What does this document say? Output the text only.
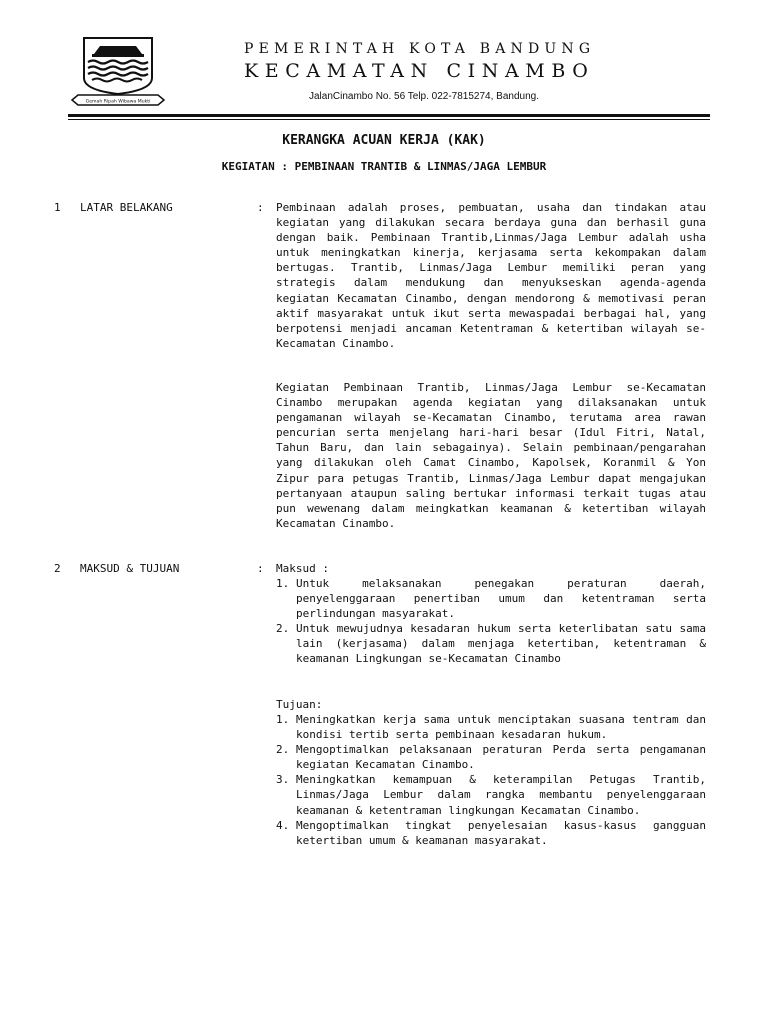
Gemah Ripah Wibawa Mukti
PEMERINTAH KOTA BANDUNG
KECAMATAN CINAMBO
JalanCinambo No. 56 Telp. 022-7815274, Bandung.
KERANGKA ACUAN KERJA (KAK)
KEGIATAN : PEMBINAAN TRANTIB & LINMAS/JAGA LEMBUR
1 LATAR BELAKANG	: Pembinaan adalah proses, pembuatan, usaha dan tindakan atau kegiatan yang dilakukan secara berdaya guna dan berhasil guna dengan baik. Pembinaan Trantib,Linmas/Jaga Lembur adalah usha untuk meningkatkan kinerja, kerjasama serta kekompakan dalam bertugas. Trantib, Linmas/Jaga Lembur memiliki peran yang strategis dalam mendukung dan menyukseskan agenda-agenda kegiatan Kecamatan Cinambo, dengan mendorong & memotivasi peran aktif masyarakat untuk ikut serta mewaspadai berbagai hal, yang berpotensi menjadi ancaman Ketentraman & ketertiban wilayah se-Kecamatan Cinambo.
Kegiatan Pembinaan Trantib, Linmas/Jaga Lembur se-Kecamatan Cinambo merupakan agenda kegiatan yang dilaksanakan untuk pengamanan wilayah se-Kecamatan Cinambo, terutama area rawan pencurian serta menjelang hari-hari besar (Idul Fitri, Natal, Tahun Baru, dan lain sebagainya). Selain pembinaan/pengarahan yang dilakukan oleh Camat Cinambo, Kapolsek, Koranmil & Yon Zipur para petugas Trantib, Linmas/Jaga Lembur dapat mengajukan pertanyaan ataupun saling bertukar informasi terkait tugas atau pun wewenang dalam meingkatkan keamanan & ketertiban wilayah Kecamatan Cinambo.
2 MAKSUD & TUJUAN	: Maksud :
1. Untuk melaksanakan penegakan peraturan daerah, penyelenggaraan penertiban umum dan ketentraman serta perlindungan masyarakat.
2. Untuk mewujudnya kesadaran hukum serta keterlibatan satu sama lain (kerjasama) dalam menjaga ketertiban, ketentraman & keamanan Lingkungan se-Kecamatan Cinambo
Tujuan:
1. Meningkatkan kerja sama untuk menciptakan suasana tentram dan kondisi tertib serta pembinaan kesadaran hukum.
2. Mengoptimalkan pelaksanaan peraturan Perda serta pengamanan kegiatan Kecamatan Cinambo.
3. Meningkatkan kemampuan & keterampilan Petugas Trantib, Linmas/Jaga Lembur dalam rangka membantu penyelenggaraan keamanan & ketentraman lingkungan Kecamatan Cinambo.
4. Mengoptimalkan tingkat penyelesaian kasus-kasus gangguan ketertiban umum & keamanan masyarakat.
